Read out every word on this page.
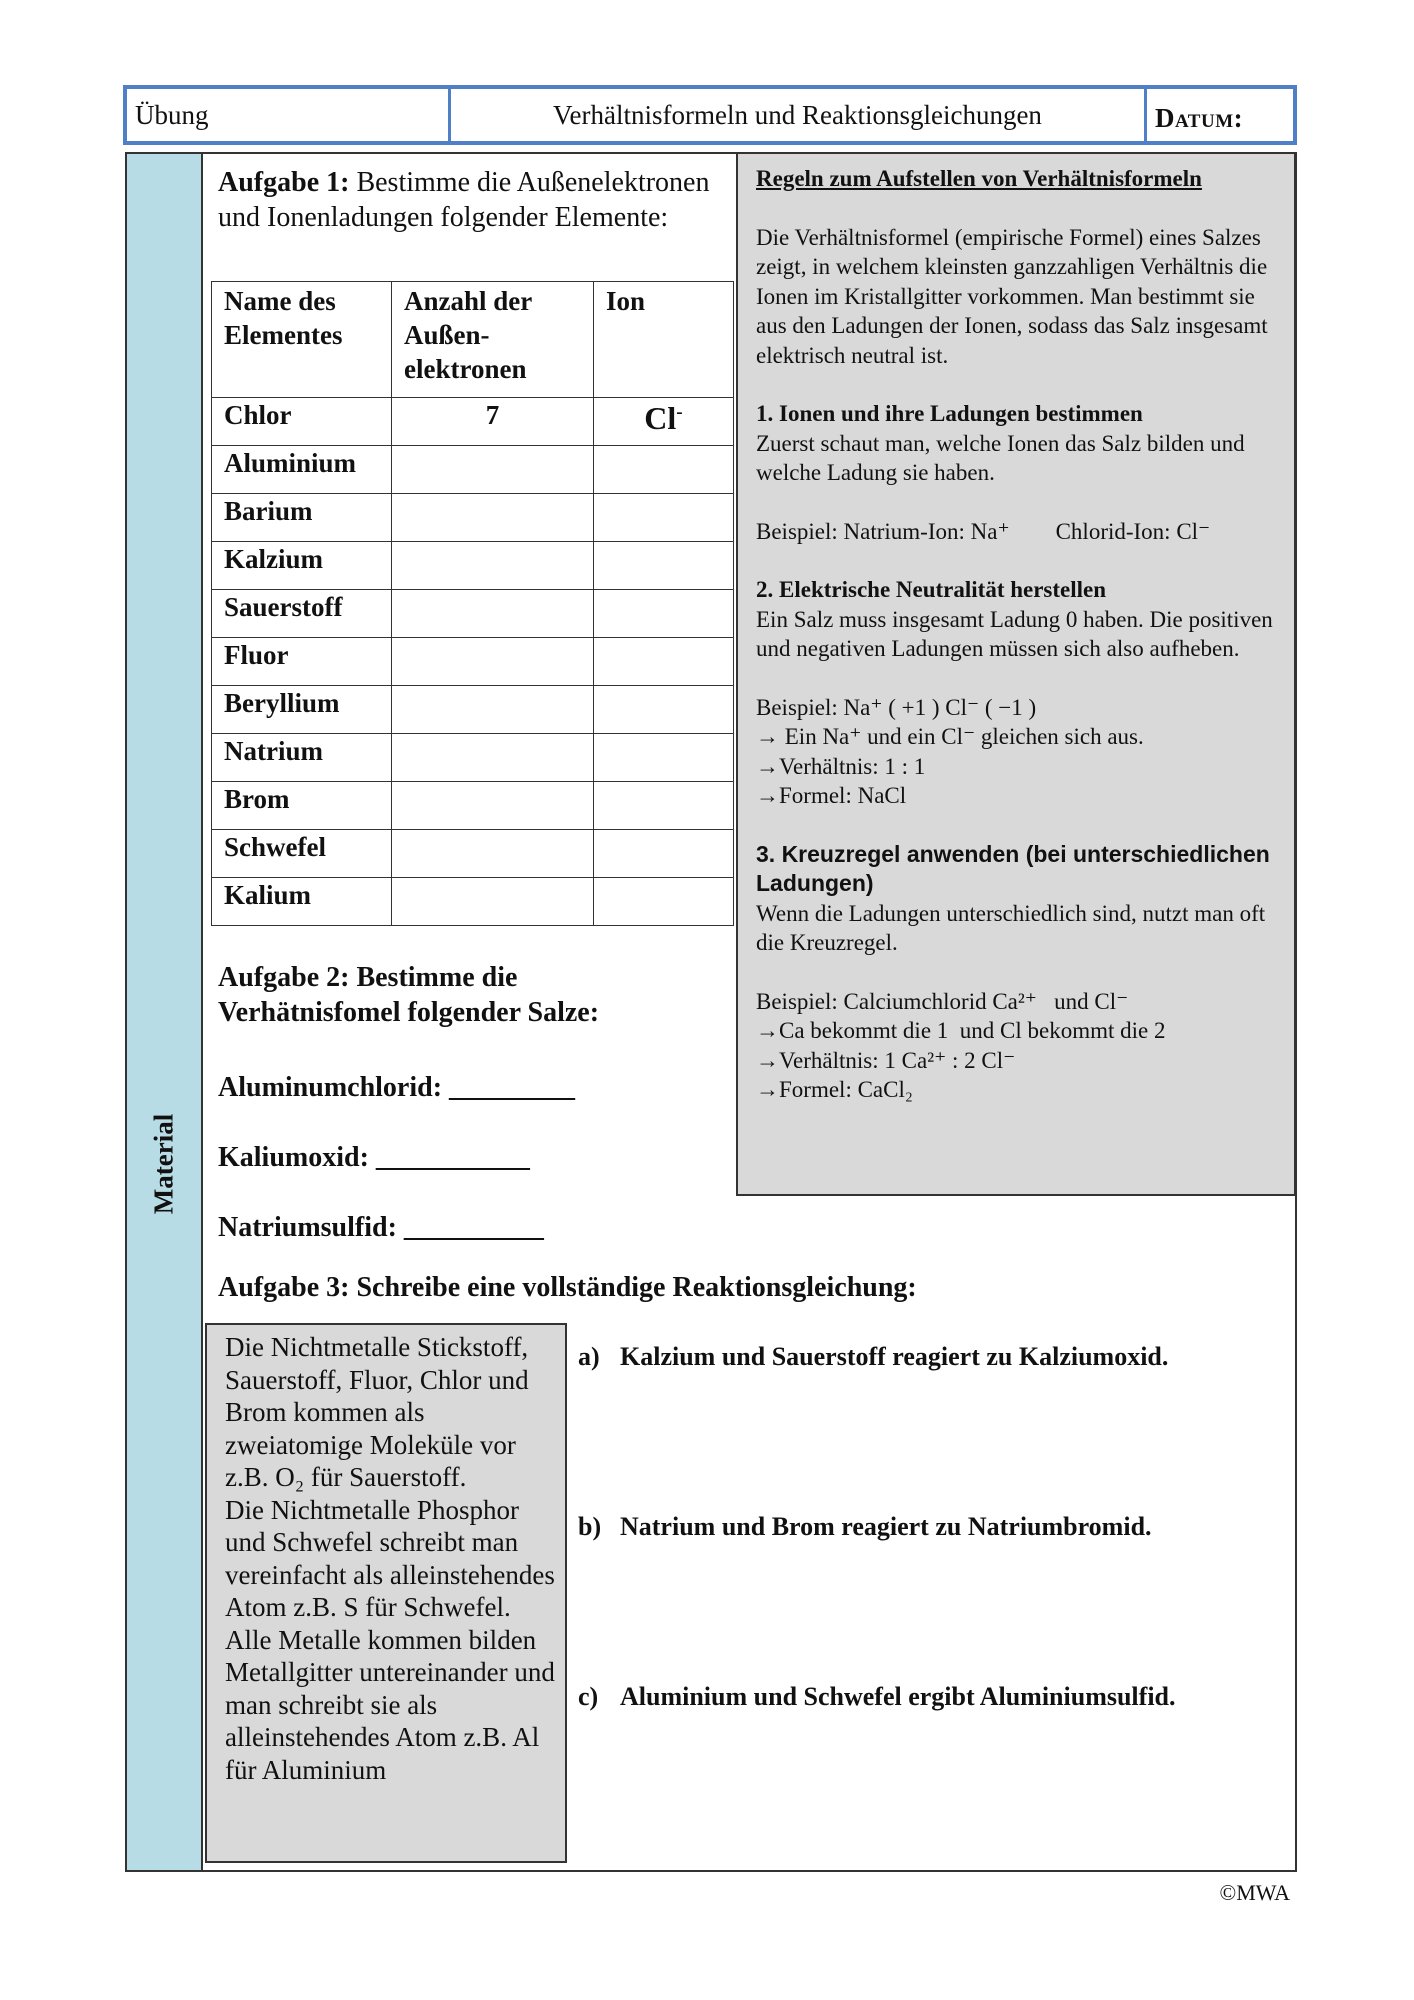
Übung	Verhältnisformeln und Reaktionsgleichungen	Datum:
Material
Aufgabe 1: Bestimme die Außenelektronen und Ionenladungen folgender Elemente:
Name des Elementes	Anzahl der Außen-elektronen	Ion
Chlor	7	Cl-
Aluminium		
Barium		
Kalzium		
Sauerstoff		
Fluor		
Beryllium		
Natrium		
Brom		
Schwefel		
Kalium		

Regeln zum Aufstellen von Verhältnisformeln

Die Verhältnisformel (empirische Formel) eines Salzes zeigt, in welchem kleinsten ganzzahligen Verhältnis die Ionen im Kristallgitter vorkommen. Man bestimmt sie aus den Ladungen der Ionen, sodass das Salz insgesamt elektrisch neutral ist.

1. Ionen und ihre Ladungen bestimmen

Zuerst schaut man, welche Ionen das Salz bilden und welche Ladung sie haben.

Beispiel: Natrium-Ion: Na⁺        Chlorid-Ion: Cl⁻

2. Elektrische Neutralität herstellen

Ein Salz muss insgesamt Ladung 0 haben. Die positiven und negativen Ladungen müssen sich also aufheben.

Beispiel: Na⁺ ( +1 ) Cl⁻ ( −1 )

→ Ein Na⁺ und ein Cl⁻ gleichen sich aus.

→Verhältnis: 1 : 1

→Formel: NaCl

3. Kreuzregel anwenden (bei unterschiedlichen Ladungen)

Wenn die Ladungen unterschiedlich sind, nutzt man oft die Kreuzregel.

Beispiel: Calciumchlorid Ca²⁺   und Cl⁻

→Ca bekommt die 1  und Cl bekommt die 2

→Verhältnis: 1 Ca²⁺ : 2 Cl⁻

→Formel: CaCl₂

Aufgabe 2: Bestimme die Verhätnisfomel folgender Salze:
Aluminumchlorid: _________
Kaliumoxid: ___________
Natriumsulfid: __________
Aufgabe 3: Schreibe eine vollständige Reaktionsgleichung:
Die Nichtmetalle Stickstoff, Sauerstoff, Fluor, Chlor und Brom kommen als zweiatomige Moleküle vor z.B. O₂ für Sauerstoff.
Die Nichtmetalle Phosphor und Schwefel schreibt man vereinfacht als alleinstehendes Atom z.B. S für Schwefel.
Alle Metalle kommen bilden Metallgitter untereinander und man schreibt sie als alleinstehendes Atom z.B. Al für Aluminium
a) Kalzium und Sauerstoff reagiert zu Kalziumoxid.
b) Natrium und Brom reagiert zu Natriumbromid.
c) Aluminium und Schwefel ergibt Aluminiumsulfid.
©MWA
